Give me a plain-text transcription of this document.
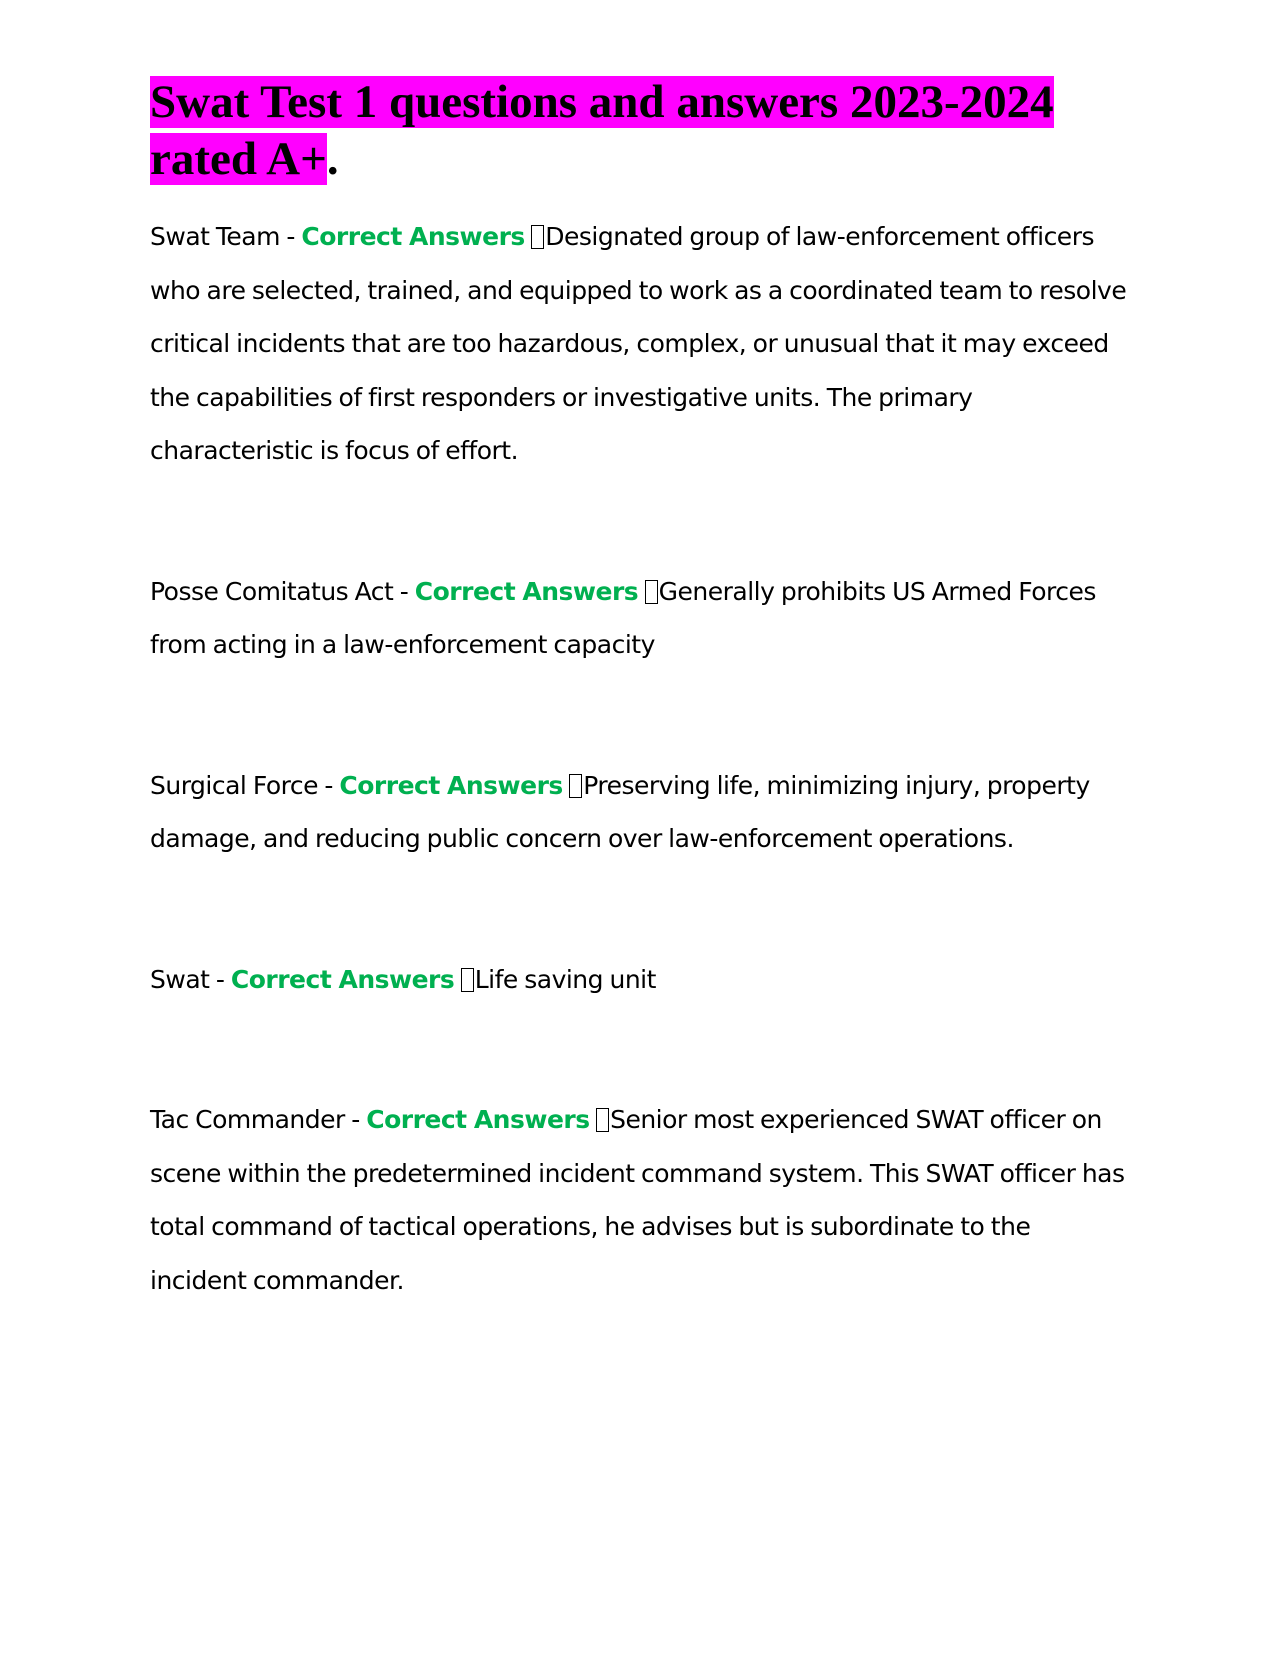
Swat Test 1 questions and answers 2023-2024 rated A+.

Swat Team - Correct Answers Designated group of law-enforcement officers who are selected, trained, and equipped to work as a coordinated team to resolve critical incidents that are too hazardous, complex, or unusual that it may exceed the capabilities of first responders or investigative units. The primary characteristic is focus of effort.

Posse Comitatus Act - Correct Answers Generally prohibits US Armed Forces from acting in a law-enforcement capacity

Surgical Force - Correct Answers Preserving life, minimizing injury, property damage, and reducing public concern over law-enforcement operations.

Swat - Correct Answers Life saving unit

Tac Commander - Correct Answers Senior most experienced SWAT officer on scene within the predetermined incident command system. This SWAT officer has total command of tactical operations, he advises but is subordinate to the incident commander.
